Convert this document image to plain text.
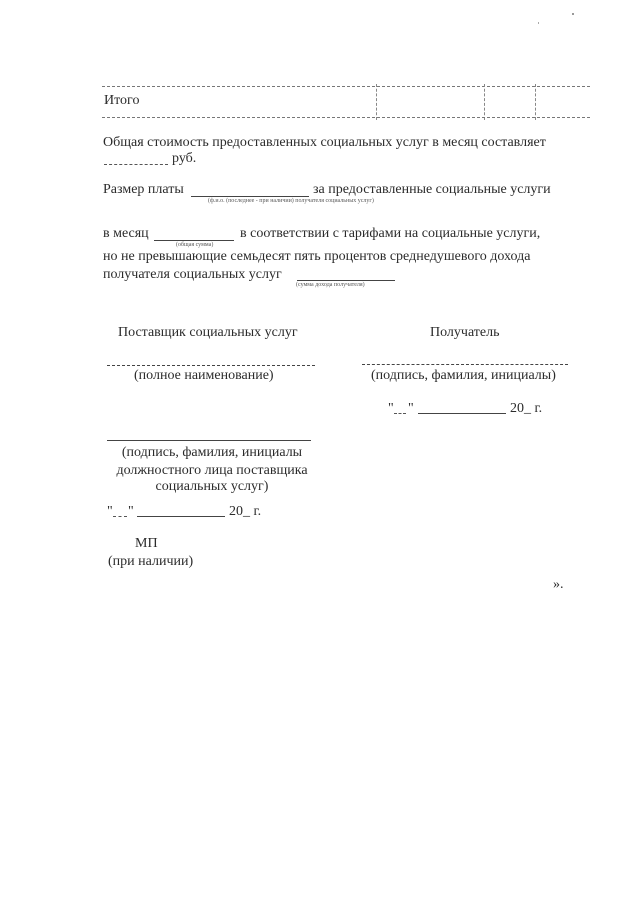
Итого
Общая стоимость предоставленных социальных услуг в месяц составляет
руб.
Размер платы	за предоставленные социальные услуги
(ф.и.о. (последнее - при наличии) получателя социальных услуг)
в месяц	в соответствии с тарифами на социальные услуги,
(общая сумма)
но не превышающие семьдесят пять процентов среднедушевого дохода
получателя социальных услуг
(сумма дохода получателя)
Поставщик социальных услуг
(полное наименование)
(подпись, фамилия, инициалы
должностного лица поставщика
социальных услуг)
" "	20_ г.
МП
(при наличии)
Получатель
(подпись, фамилия, инициалы)
" "	20_ г.
».
